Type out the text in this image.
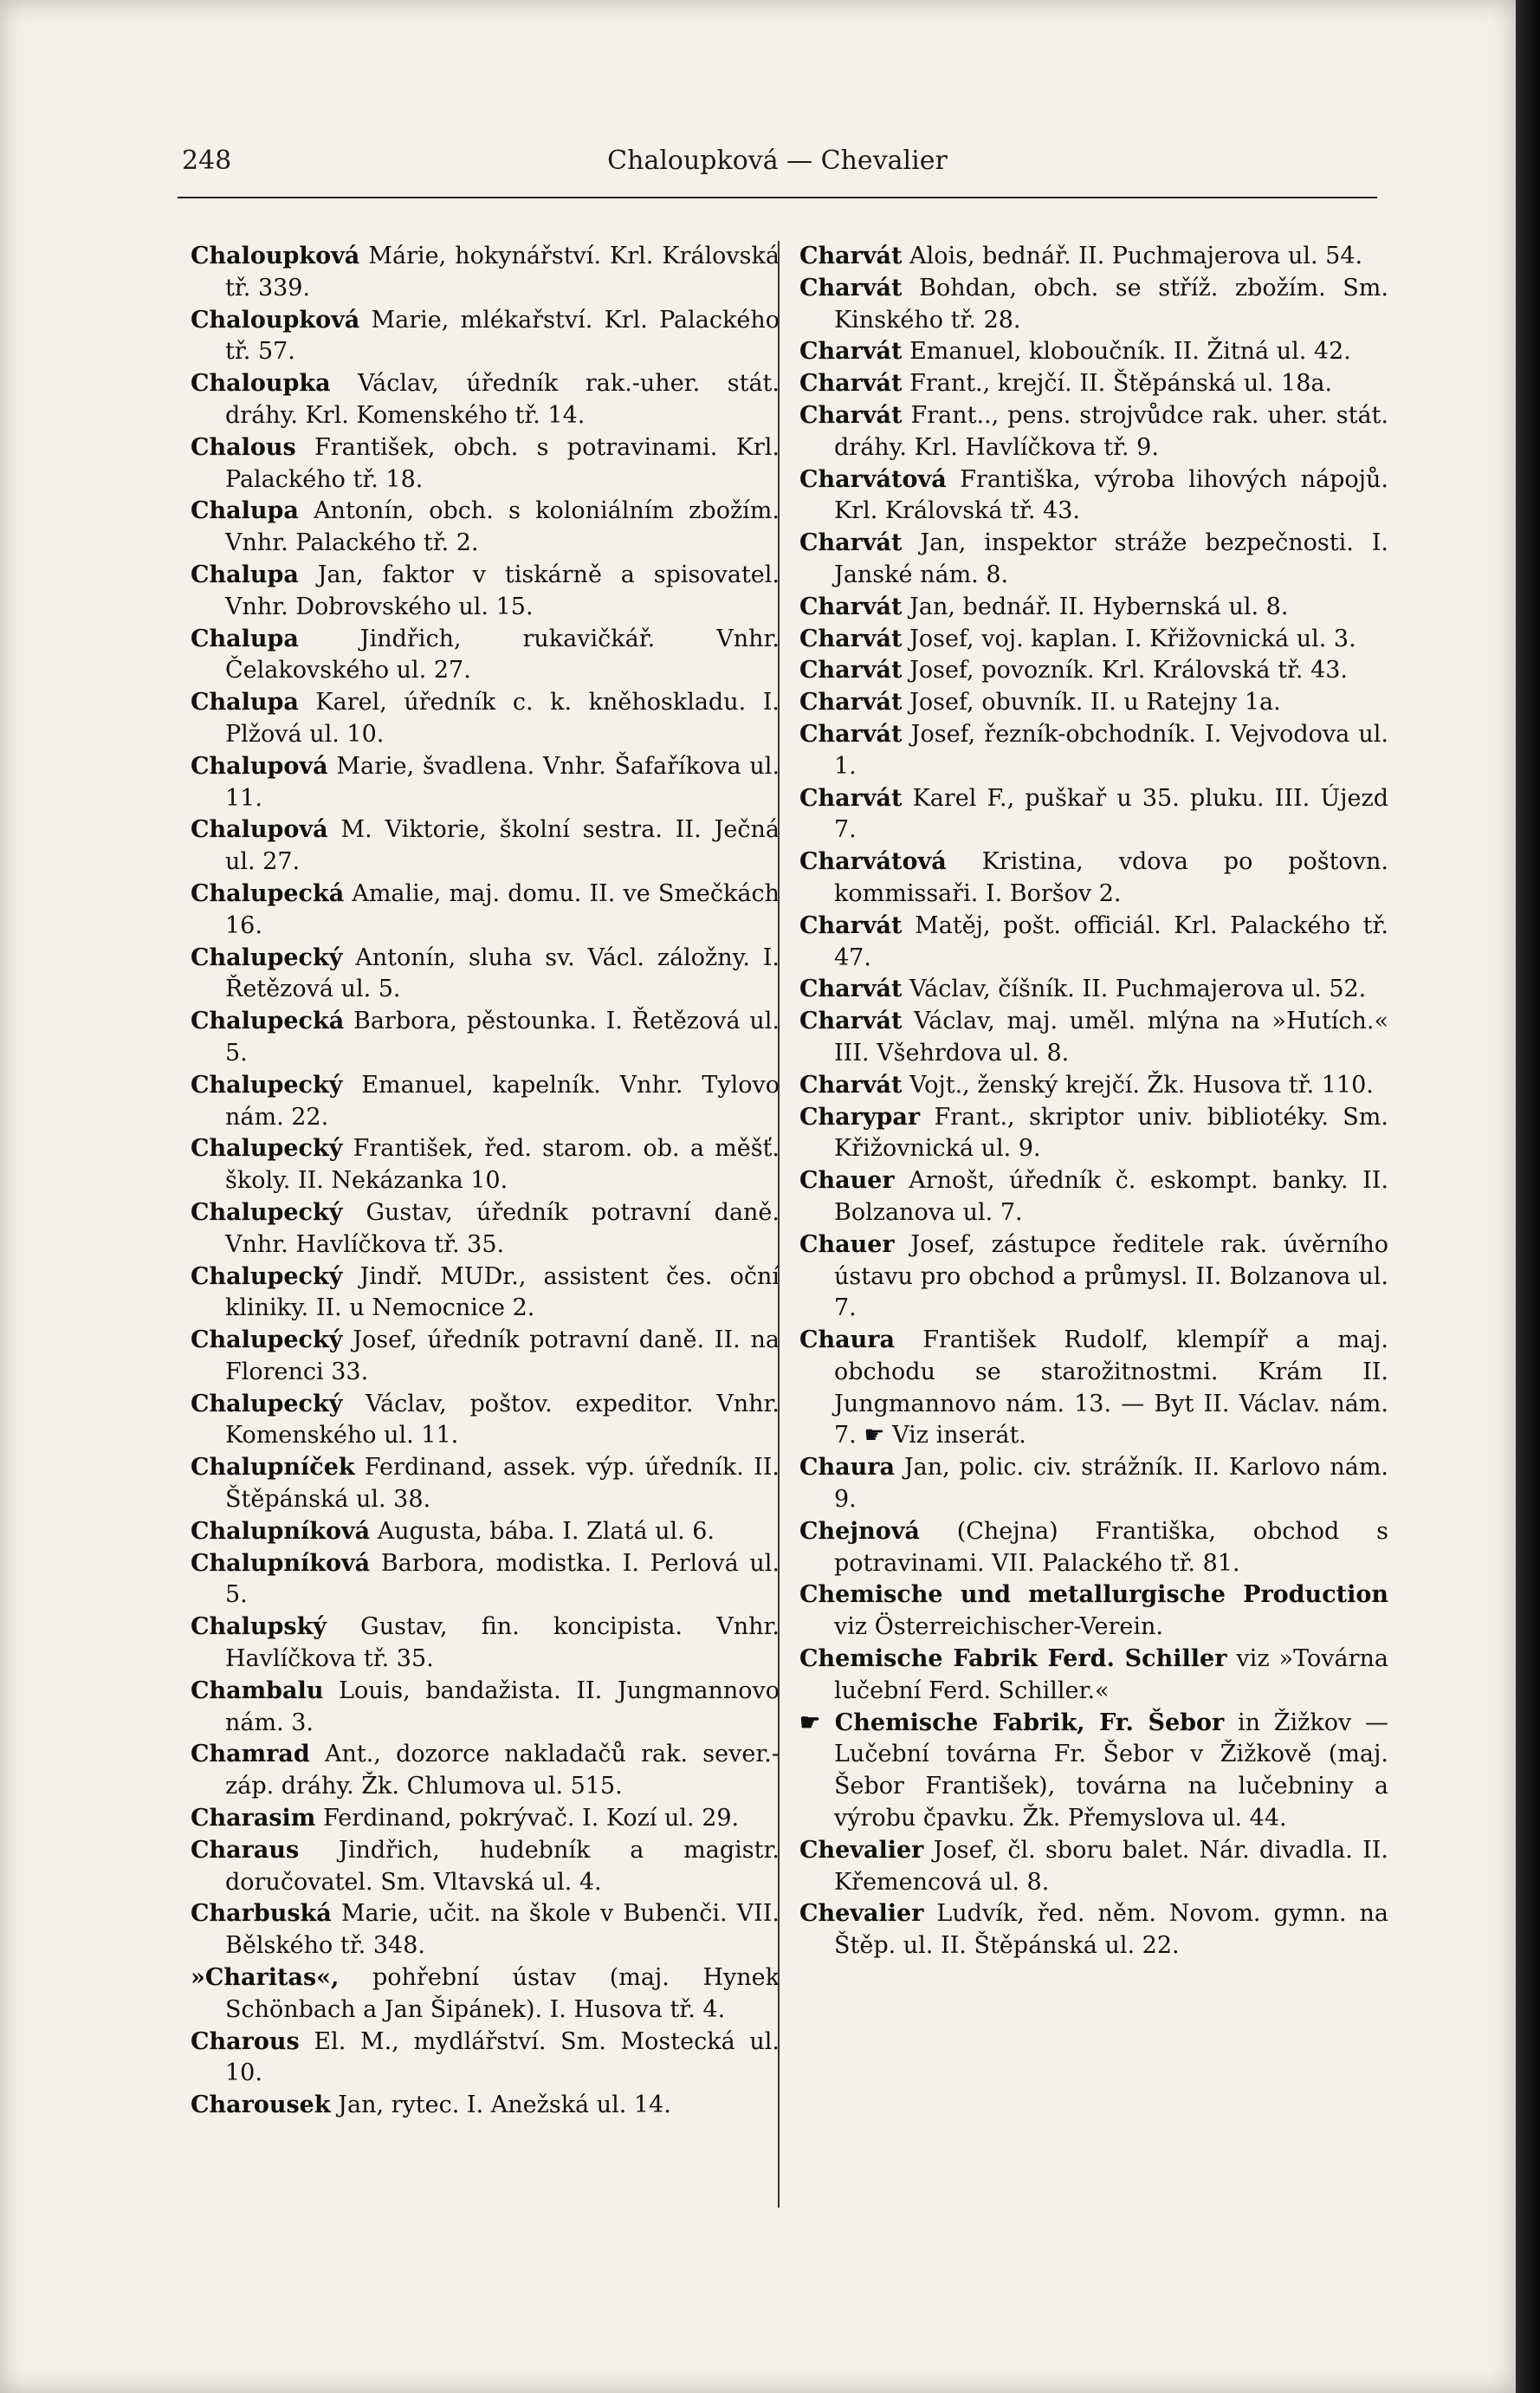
248	Chaloupková — Chevalier

Chaloupková Márie, hokynářství. Krl. Královská tř. 339.

Chaloupková Marie, mlékařství. Krl. Palackého tř. 57.

Chaloupka Václav, úředník rak.-uher. stát. dráhy. Krl. Komenského tř. 14.

Chalous František, obch. s potravinami. Krl. Palackého tř. 18.

Chalupa Antonín, obch. s koloniálním zbožím. Vnhr. Palackého tř. 2.

Chalupa Jan, faktor v tiskárně a spisovatel. Vnhr. Dobrovského ul. 15.

Chalupa Jindřich, rukavičkář. Vnhr. Čelakovského ul. 27.

Chalupa Karel, úředník c. k. kněhoskladu. I. Plžová ul. 10.

Chalupová Marie, švadlena. Vnhr. Šafaříkova ul. 11.

Chalupová M. Viktorie, školní sestra. II. Ječná ul. 27.

Chalupecká Amalie, maj. domu. II. ve Smečkách 16.

Chalupecký Antonín, sluha sv. Václ. záložny. I. Řetězová ul. 5.

Chalupecká Barbora, pěstounka. I. Řetězová ul. 5.

Chalupecký Emanuel, kapelník. Vnhr. Tylovo nám. 22.

Chalupecký František, řed. starom. ob. a měšť. školy. II. Nekázanka 10.

Chalupecký Gustav, úředník potravní daně. Vnhr. Havlíčkova tř. 35.

Chalupecký Jindř. MUDr., assistent čes. oční kliniky. II. u Nemocnice 2.

Chalupecký Josef, úředník potravní daně. II. na Florenci 33.

Chalupecký Václav, poštov. expeditor. Vnhr. Komenského ul. 11.

Chalupníček Ferdinand, assek. výp. úředník. II. Štěpánská ul. 38.

Chalupníková Augusta, bába. I. Zlatá ul. 6.

Chalupníková Barbora, modistka. I. Perlová ul. 5.

Chalupský Gustav, fin. koncipista. Vnhr. Havlíčkova tř. 35.

Chambalu Louis, bandažista. II. Jungmannovo nám. 3.

Chamrad Ant., dozorce nakladačů rak. sever.-záp. dráhy. Žk. Chlumova ul. 515.

Charasim Ferdinand, pokrývač. I. Kozí ul. 29.

Charaus Jindřich, hudebník a magistr. doručovatel. Sm. Vltavská ul. 4.

Charbuská Marie, učit. na škole v Bubenči. VII. Bělského tř. 348.

»Charitas«, pohřební ústav (maj. Hynek Schönbach a Jan Šipánek). I. Husova tř. 4.

Charous El. M., mydlářství. Sm. Mostecká ul. 10.

Charousek Jan, rytec. I. Anežská ul. 14.

Charvát Alois, bednář. II. Puchmajerova ul. 54.

Charvát Bohdan, obch. se stříž. zbožím. Sm. Kinského tř. 28.

Charvát Emanuel, kloboučník. II. Žitná ul. 42.

Charvát Frant., krejčí. II. Štěpánská ul. 18a.

Charvát Frant.., pens. strojvůdce rak. uher. stát. dráhy. Krl. Havlíčkova tř. 9.

Charvátová Františka, výroba lihových nápojů. Krl. Královská tř. 43.

Charvát Jan, inspektor stráže bezpečnosti. I. Janské nám. 8.

Charvát Jan, bednář. II. Hybernská ul. 8.

Charvát Josef, voj. kaplan. I. Křižovnická ul. 3.

Charvát Josef, povozník. Krl. Královská tř. 43.

Charvát Josef, obuvník. II. u Ratejny 1a.

Charvát Josef, řezník-obchodník. I. Vejvodova ul. 1.

Charvát Karel F., puškař u 35. pluku. III. Újezd 7.

Charvátová Kristina, vdova po poštovn. kommissaři. I. Boršov 2.

Charvát Matěj, pošt. officiál. Krl. Palackého tř. 47.

Charvát Václav, číšník. II. Puchmajerova ul. 52.

Charvát Václav, maj. uměl. mlýna na »Hutích.« III. Všehrdova ul. 8.

Charvát Vojt., ženský krejčí. Žk. Husova tř. 110.

Charypar Frant., skriptor univ. bibliotéky. Sm. Křižovnická ul. 9.

Chauer Arnošt, úředník č. eskompt. banky. II. Bolzanova ul. 7.

Chauer Josef, zástupce ředitele rak. úvěrního ústavu pro obchod a průmysl. II. Bolzanova ul. 7.

Chaura František Rudolf, klempíř a maj. obchodu se starožitnostmi. Krám II. Jungmannovo nám. 13. — Byt II. Václav. nám. 7. ☛ Viz inserát.

Chaura Jan, polic. civ. strážník. II. Karlovo nám. 9.

Chejnová (Chejna) Františka, obchod s potravinami. VII. Palackého tř. 81.

Chemische und metallurgische Production viz Österreichischer-Verein.

Chemische Fabrik Ferd. Schiller viz »Továrna lučební Ferd. Schiller.«

☛ Chemische Fabrik, Fr. Šebor in Žižkov — Lučební továrna Fr. Šebor v Žižkově (maj. Šebor František), továrna na lučebniny a výrobu čpavku. Žk. Přemyslova ul. 44.

Chevalier Josef, čl. sboru balet. Nár. divadla. II. Křemencová ul. 8.

Chevalier Ludvík, řed. něm. Novom. gymn. na Štěp. ul. II. Štěpánská ul. 22.
